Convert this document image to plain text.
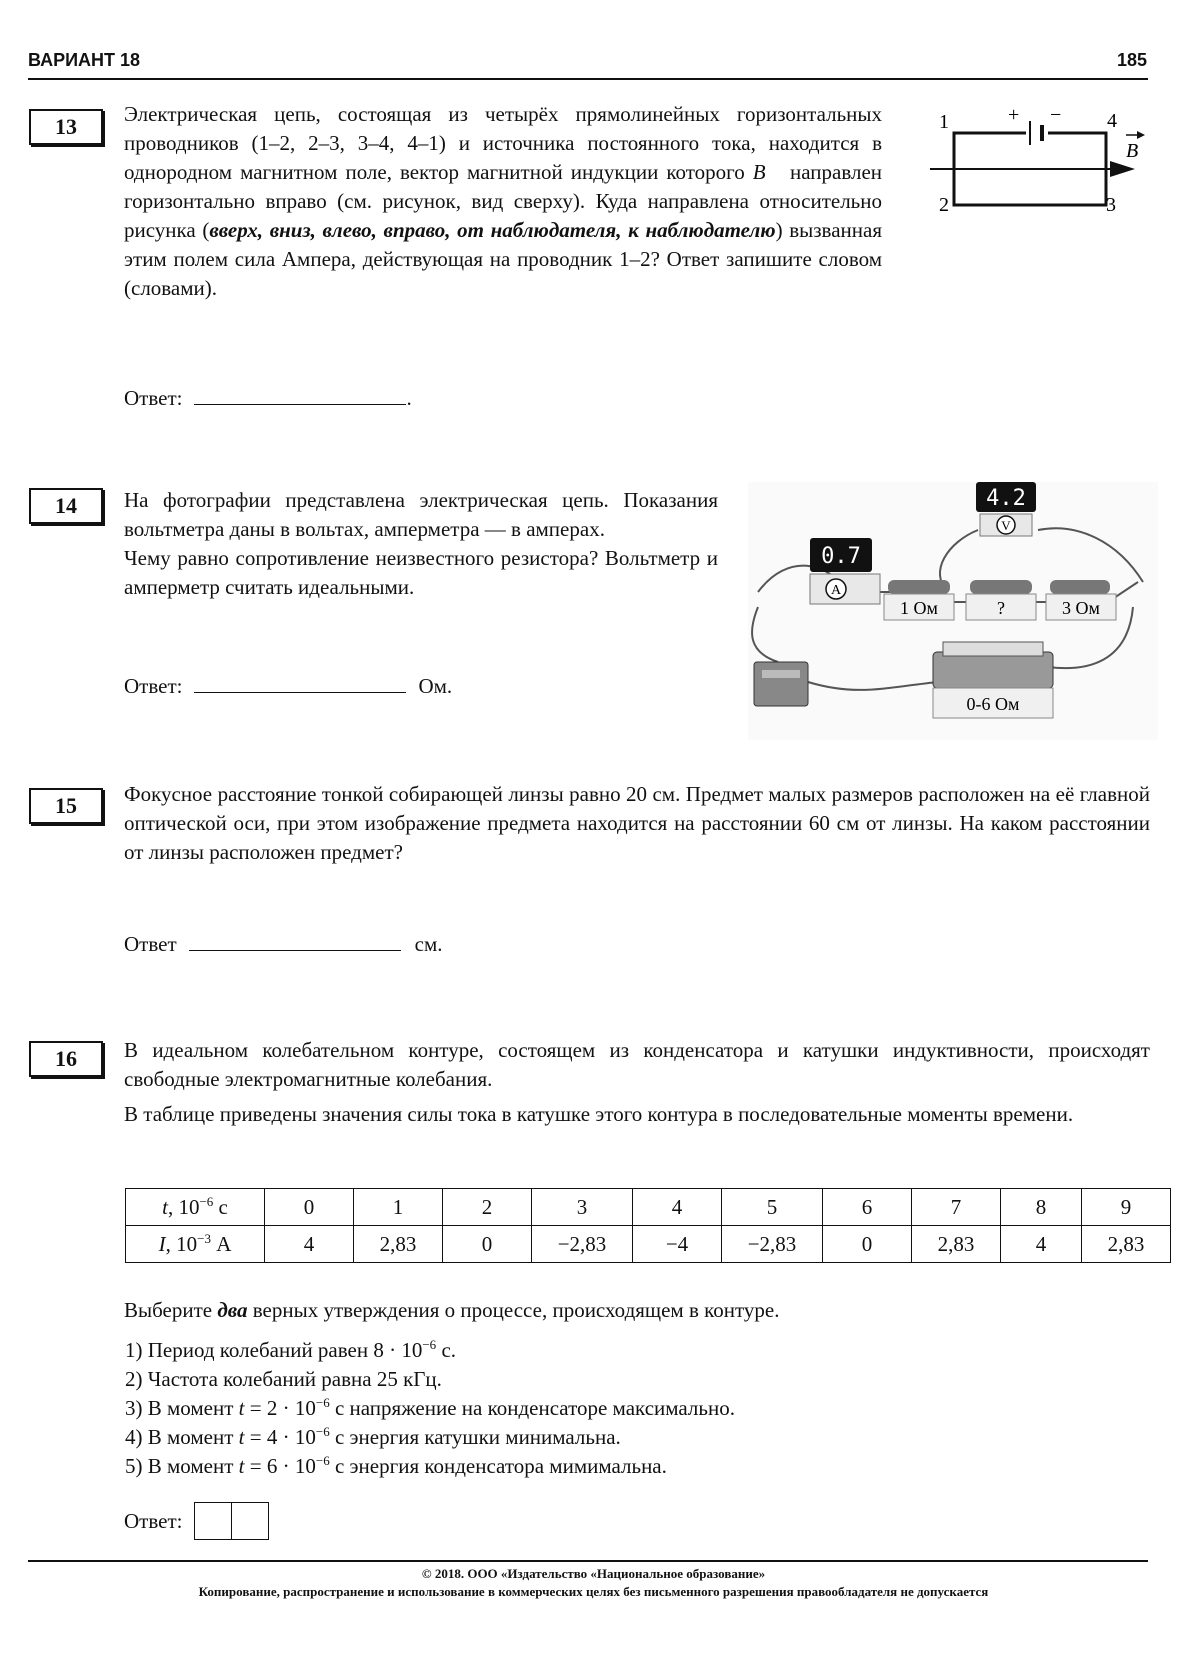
ВАРИАНТ 18	185
13	Электрическая цепь, состоящая из четырёх прямолинейных горизонтальных проводников (1–2, 2–3, 3–4, 4–1) и источника постоянного тока, находится в однородном магнитном поле, вектор магнитной индукции которого B⃗ направлен горизонтально вправо (см. рисунок, вид сверху). Куда направлена относительно рисунка (вверх, вниз, влево, вправо, от наблюдателя, к наблюдателю) вызванная этим полем сила Ампера, действующая на проводник 1–2? Ответ запишите словом (словами).
1	4
2	3
+ −
B
Ответ:	.
14	На фотографии представлена электрическая цепь. Показания вольтметра даны в вольтах, амперметра — в амперах.
Чему равно сопротивление неизвестного резистора? Вольтметр и амперметр считать идеальными.
Ответ:	Ом.
4.2
V
0.7
A
1 Ом	?	3 Ом
0-6 Ом
15	Фокусное расстояние тонкой собирающей линзы равно 20 см. Предмет малых размеров расположен на её главной оптической оси, при этом изображение предмета находится на расстоянии 60 см от линзы. На каком расстоянии от линзы расположен предмет?
Ответ	см.
16	В идеальном колебательном контуре, состоящем из конденсатора и катушки индуктивности, происходят свободные электромагнитные колебания.
В таблице приведены значения силы тока в катушке этого контура в последовательные моменты времени.
t, $10^{-6}$ с	0	1	2	3	4	5	6	7	8	9
I, $10^{-3}$ А	4	2,83	0	−2,83	−4	−2,83	0	2,83	4	2,83
Выберите два верных утверждения о процессе, происходящем в контуре.
1) Период колебаний равен $8 \cdot 10^{-6}$ с.
2) Частота колебаний равна 25 кГц.
3) В момент $t = 2 \cdot 10^{-6}$ с напряжение на конденсаторе максимально.
4) В момент $t = 4 \cdot 10^{-6}$ с энергия катушки минимальна.
5) В момент $t = 6 \cdot 10^{-6}$ с энергия конденсатора мимимальна.
Ответ:
© 2018. ООО «Издательство «Национальное образование»
Копирование, распространение и использование в коммерческих целях без письменного разрешения правообладателя не допускается
